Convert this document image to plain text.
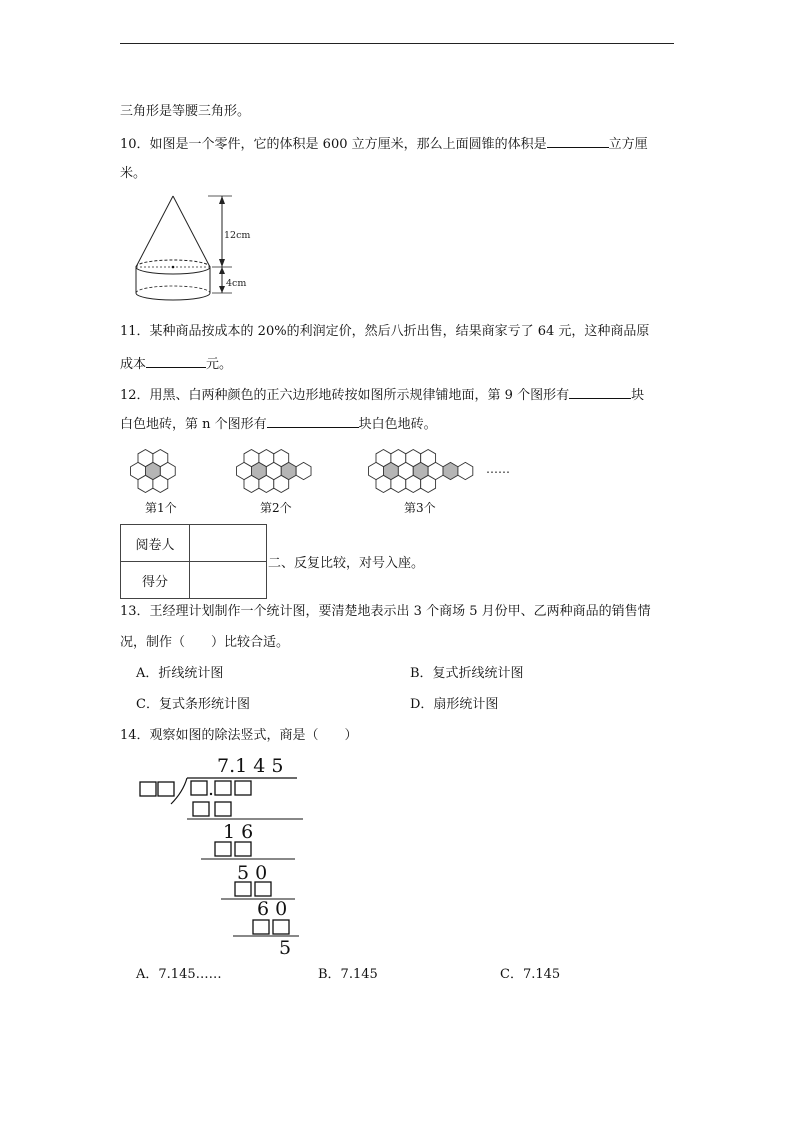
三角形是等腰三角形。
10．如图是一个零件，它的体积是 600 立方厘米，那么上面圆锥的体积是	立方厘
米。
12cm
4cm
11．某种商品按成本的 20%的利润定价，然后八折出售，结果商家亏了 64 元，这种商品原
成本	元。
12．用黑、白两种颜色的正六边形地砖按如图所示规律铺地面，第 9 个图形有	块
白色地砖，第 n 个图形有	块白色地砖。
……
第1个	第2个	第3个
阅卷人	
得分	
二、反复比较，对号入座。
13．王经理计划制作一个统计图，要清楚地表示出 3 个商场 5 月份甲、乙两种商品的销售情
况，制作（　　）比较合适。
A．折线统计图	B．复式折线统计图
C．复式条形统计图	D．扇形统计图
14．观察如图的除法竖式，商是（　　）
7.1 4 5
1 6
5 0
6 0
5
A．7.145……	B．7.145	C．7.145
